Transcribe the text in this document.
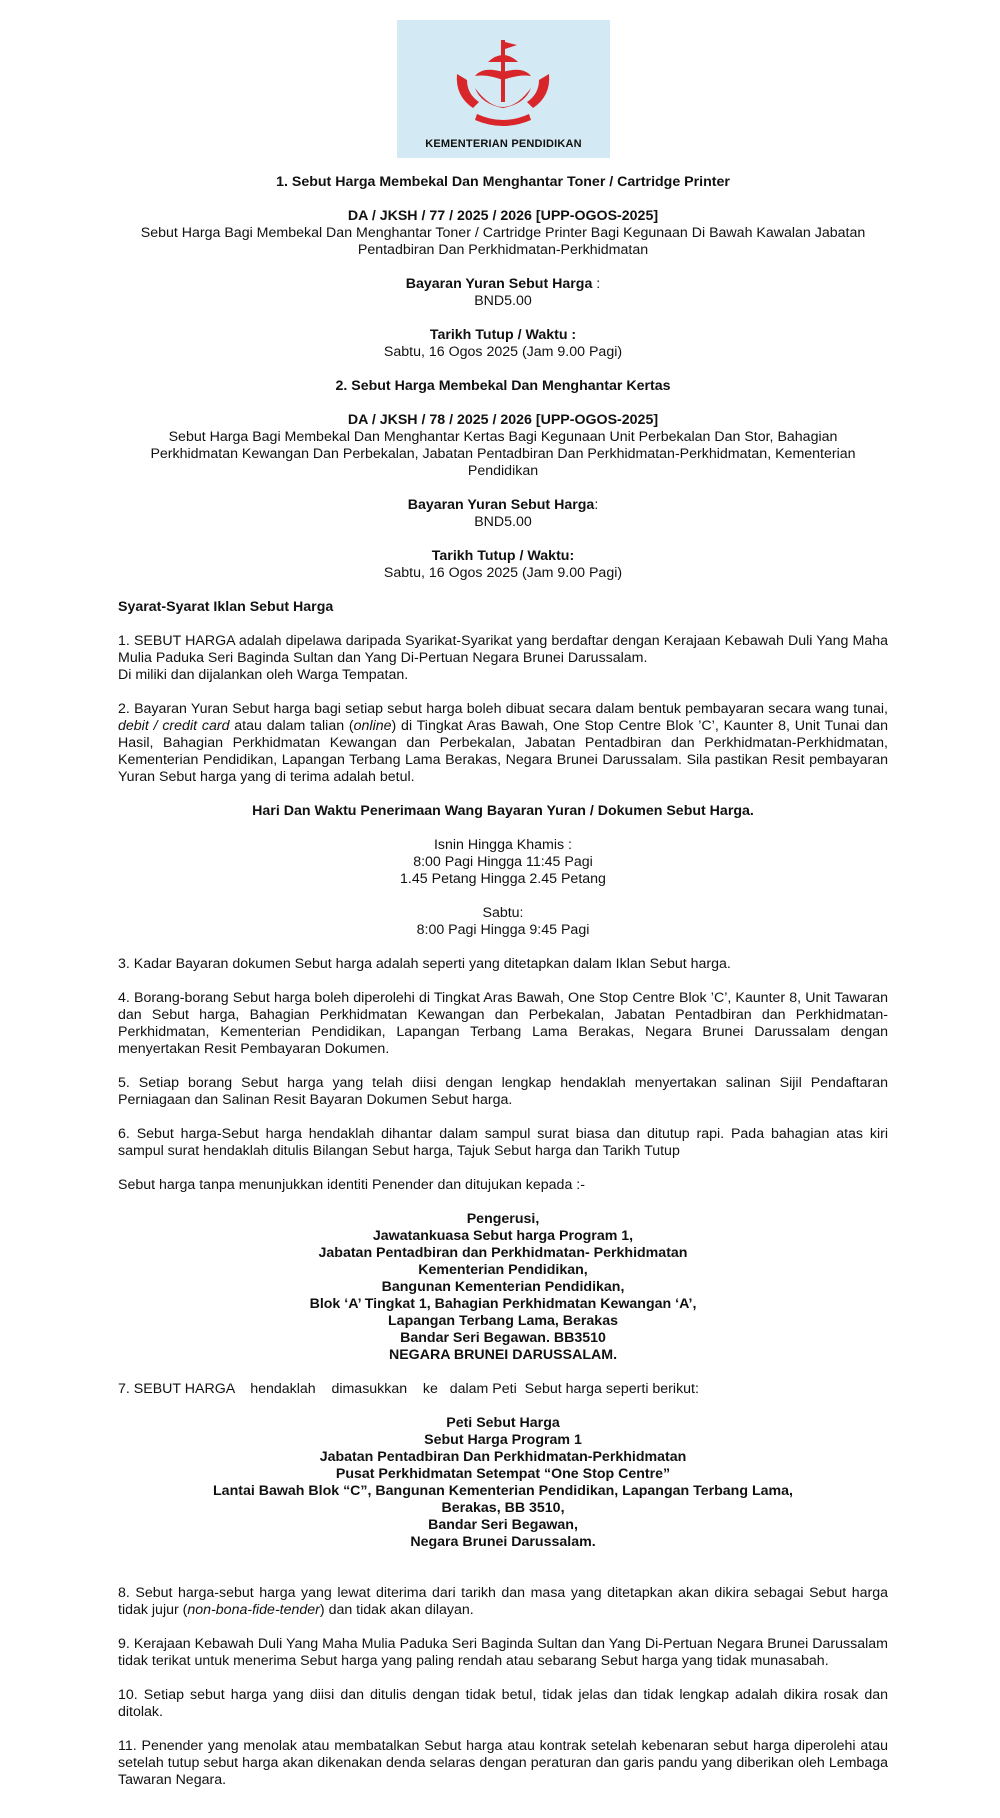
KEMENTERIAN PENDIDIKAN

1. Sebut Harga Membekal Dan Menghantar Toner / Cartridge Printer

DA / JKSH / 77 / 2025 / 2026 [UPP-OGOS-2025]

Sebut Harga Bagi Membekal Dan Menghantar Toner / Cartridge Printer Bagi Kegunaan Di Bawah Kawalan Jabatan

Pentadbiran Dan Perkhidmatan-Perkhidmatan

Bayaran Yuran Sebut Harga :

BND5.00

Tarikh Tutup / Waktu :

Sabtu, 16 Ogos 2025 (Jam 9.00 Pagi)

2. Sebut Harga Membekal Dan Menghantar Kertas

DA / JKSH / 78 / 2025 / 2026 [UPP-OGOS-2025]

Sebut Harga Bagi Membekal Dan Menghantar Kertas Bagi Kegunaan Unit Perbekalan Dan Stor, Bahagian

Perkhidmatan Kewangan Dan Perbekalan, Jabatan Pentadbiran Dan Perkhidmatan-Perkhidmatan, Kementerian

Pendidikan

Bayaran Yuran Sebut Harga:

BND5.00

Tarikh Tutup / Waktu:

Sabtu, 16 Ogos 2025 (Jam 9.00 Pagi)

Syarat-Syarat Iklan Sebut Harga

1. SEBUT HARGA adalah dipelawa daripada Syarikat-Syarikat yang berdaftar dengan Kerajaan Kebawah Duli Yang Maha Mulia Paduka Seri Baginda Sultan dan Yang Di-Pertuan Negara Brunei Darussalam.

Di miliki dan dijalankan oleh Warga Tempatan.

2. Bayaran Yuran Sebut harga bagi setiap sebut harga boleh dibuat secara dalam bentuk pembayaran secara wang tunai, debit / credit card atau dalam talian (online) di Tingkat Aras Bawah, One Stop Centre Blok ’C’, Kaunter 8, Unit Tunai dan Hasil, Bahagian Perkhidmatan Kewangan dan Perbekalan, Jabatan Pentadbiran dan Perkhidmatan-Perkhidmatan, Kementerian Pendidikan, Lapangan Terbang Lama Berakas, Negara Brunei Darussalam. Sila pastikan Resit pembayaran Yuran Sebut harga yang di terima adalah betul.

Hari Dan Waktu Penerimaan Wang Bayaran Yuran / Dokumen Sebut Harga.

Isnin Hingga Khamis :

8:00 Pagi Hingga 11:45 Pagi

1.45 Petang Hingga 2.45 Petang

Sabtu:

8:00 Pagi Hingga 9:45 Pagi

3. Kadar Bayaran dokumen Sebut harga adalah seperti yang ditetapkan dalam Iklan Sebut harga.

4. Borang-borang Sebut harga boleh diperolehi di Tingkat Aras Bawah, One Stop Centre Blok ’C’, Kaunter 8, Unit Tawaran dan Sebut harga, Bahagian Perkhidmatan Kewangan dan Perbekalan, Jabatan Pentadbiran dan Perkhidmatan-Perkhidmatan, Kementerian Pendidikan, Lapangan Terbang Lama Berakas, Negara Brunei Darussalam dengan menyertakan Resit Pembayaran Dokumen.

5. Setiap borang Sebut harga yang telah diisi dengan lengkap hendaklah menyertakan salinan Sijil Pendaftaran Perniagaan dan Salinan Resit Bayaran Dokumen Sebut harga.

6. Sebut harga-Sebut harga hendaklah dihantar dalam sampul surat biasa dan ditutup rapi. Pada bahagian atas kiri sampul surat hendaklah ditulis Bilangan Sebut harga, Tajuk Sebut harga dan Tarikh Tutup

Sebut harga tanpa menunjukkan identiti Penender dan ditujukan kepada :-

Pengerusi,

Jawatankuasa Sebut harga Program 1,

Jabatan Pentadbiran dan Perkhidmatan- Perkhidmatan

Kementerian Pendidikan,

Bangunan Kementerian Pendidikan,

Blok ‘A’ Tingkat 1, Bahagian Perkhidmatan Kewangan ‘A’,

Lapangan Terbang Lama, Berakas

Bandar Seri Begawan. BB3510

NEGARA BRUNEI DARUSSALAM.

7. SEBUT HARGA    hendaklah    dimasukkan    ke   dalam Peti  Sebut harga seperti berikut:

Peti Sebut Harga

Sebut Harga Program 1

Jabatan Pentadbiran Dan Perkhidmatan-Perkhidmatan

Pusat Perkhidmatan Setempat “One Stop Centre”

Lantai Bawah Blok “C”, Bangunan Kementerian Pendidikan, Lapangan Terbang Lama,

Berakas, BB 3510,

Bandar Seri Begawan,

Negara Brunei Darussalam.

8. Sebut harga-sebut harga yang lewat diterima dari tarikh dan masa yang ditetapkan akan dikira sebagai Sebut harga tidak jujur (non-bona-fide-tender) dan tidak akan dilayan.

9. Kerajaan Kebawah Duli Yang Maha Mulia Paduka Seri Baginda Sultan dan Yang Di-Pertuan Negara Brunei Darussalam tidak terikat untuk menerima Sebut harga yang paling rendah atau sebarang Sebut harga yang tidak munasabah.

10. Setiap sebut harga yang diisi dan ditulis dengan tidak betul, tidak jelas dan tidak lengkap adalah dikira rosak dan ditolak.

11. Penender yang menolak atau membatalkan Sebut harga atau kontrak setelah kebenaran sebut harga diperolehi atau setelah tutup sebut harga akan dikenakan denda selaras dengan peraturan dan garis pandu yang diberikan oleh Lembaga Tawaran Negara.
